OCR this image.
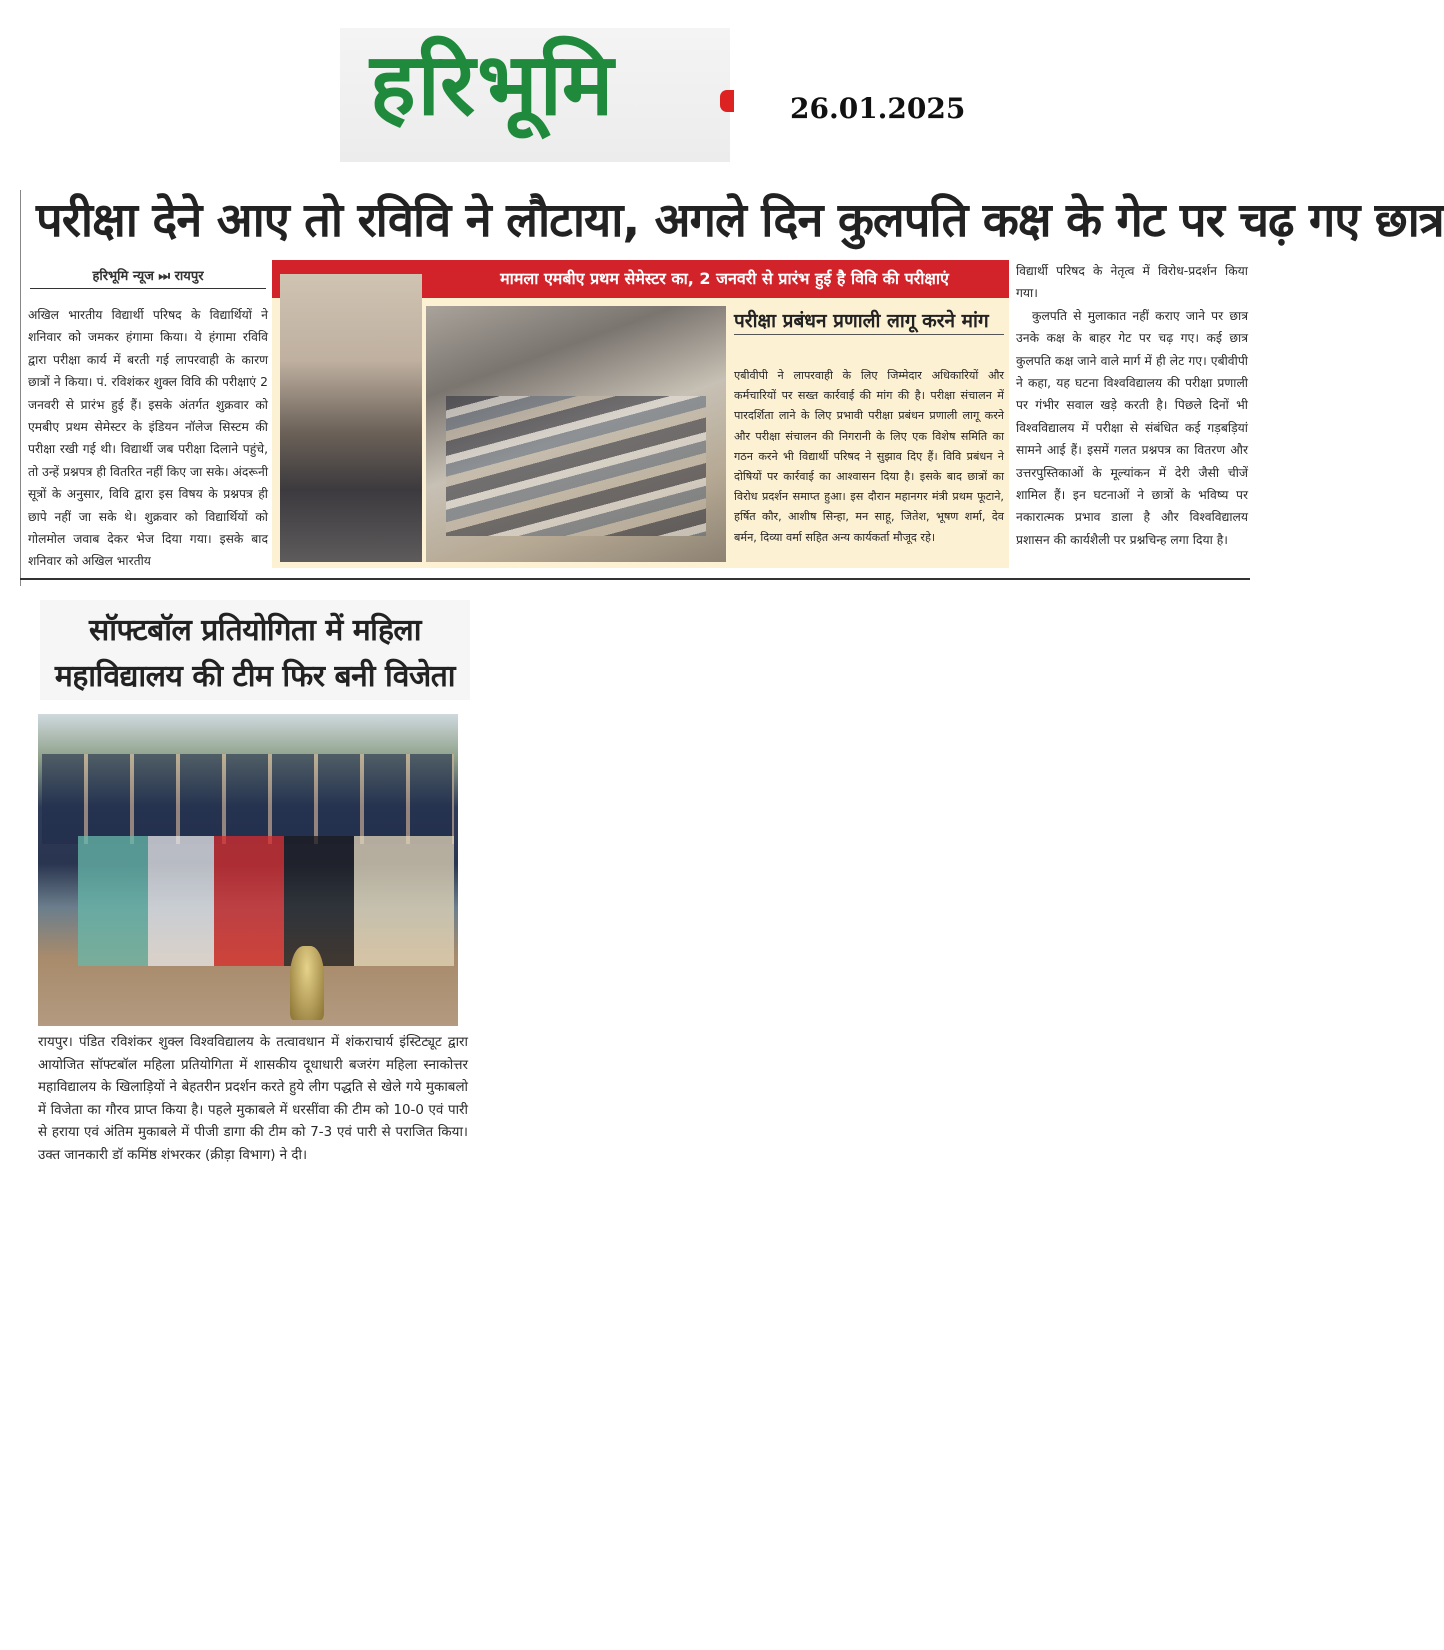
हरिभूमि	26.01.2025
परीक्षा देने आए तो रविवि ने लौटाया, अगले दिन कुलपति कक्ष के गेट पर चढ़ गए छात्र
हरिभूमि न्यूज ⏭ रायपुर

अखिल भारतीय विद्यार्थी परिषद के विद्यार्थियों ने शनिवार को जमकर हंगामा किया। ये हंगामा रविवि द्वारा परीक्षा कार्य में बरती गई लापरवाही के कारण छात्रों ने किया। पं. रविशंकर शुक्ल विवि की परीक्षाएं 2 जनवरी से प्रारंभ हुई हैं। इसके अंतर्गत शुक्रवार को एमबीए प्रथम सेमेस्टर के इंडियन नॉलेज सिस्टम की परीक्षा रखी गई थी। विद्यार्थी जब परीक्षा दिलाने पहुंचे, तो उन्हें प्रश्नपत्र ही वितरित नहीं किए जा सके। अंदरूनी सूत्रों के अनुसार, विवि द्वारा इस विषय के प्रश्नपत्र ही छापे नहीं जा सके थे। शुक्रवार को विद्यार्थियों को गोलमोल जवाब देकर भेज दिया गया। इसके बाद शनिवार को अखिल भारतीय

मामला एमबीए प्रथम सेमेस्टर का, 2 जनवरी से प्रारंभ हुई है विवि की परीक्षाएं
परीक्षा प्रबंधन प्रणाली लागू करने मांग
एबीवीपी ने लापरवाही के लिए जिम्मेदार अधिकारियों और कर्मचारियों पर सख्त कार्रवाई की मांग की है। परीक्षा संचालन में पारदर्शिता लाने के लिए प्रभावी परीक्षा प्रबंधन प्रणाली लागू करने और परीक्षा संचालन की निगरानी के लिए एक विशेष समिति का गठन करने भी विद्यार्थी परिषद ने सुझाव दिए हैं। विवि प्रबंधन ने दोषियों पर कार्रवाई का आश्वासन दिया है। इसके बाद छात्रों का विरोध प्रदर्शन समाप्त हुआ। इस दौरान महानगर मंत्री प्रथम फूटाने, हर्षित कौर, आशीष सिन्हा, मन साहू, जितेश, भूषण शर्मा, देव बर्मन, दिव्या वर्मा सहित अन्य कार्यकर्ता मौजूद रहे।

विद्यार्थी परिषद के नेतृत्व में विरोध-प्रदर्शन किया गया।

कुलपति से मुलाकात नहीं कराए जाने पर छात्र उनके कक्ष के बाहर गेट पर चढ़ गए। कई छात्र कुलपति कक्ष जाने वाले मार्ग में ही लेट गए। एबीवीपी ने कहा, यह घटना विश्वविद्यालय की परीक्षा प्रणाली पर गंभीर सवाल खड़े करती है। पिछले दिनों भी विश्वविद्यालय में परीक्षा से संबंधित कई गड़बड़ियां सामने आई हैं। इसमें गलत प्रश्नपत्र का वितरण और उत्तरपुस्तिकाओं के मूल्यांकन में देरी जैसी चीजें शामिल हैं। इन घटनाओं ने छात्रों के भविष्य पर नकारात्मक प्रभाव डाला है और विश्वविद्यालय प्रशासन की कार्यशैली पर प्रश्नचिन्ह लगा दिया है।

सॉफ्टबॉल प्रतियोगिता में महिला
महाविद्यालय की टीम फिर बनी विजेता
रायपुर। पंडित रविशंकर शुक्ल विश्वविद्यालय के तत्वावधान में शंकराचार्य इंस्टिट्यूट द्वारा आयोजित सॉफ्टबॉल महिला प्रतियोगिता में शासकीय दूधाधारी बजरंग महिला स्नाकोत्तर महाविद्यालय के खिलाड़ियों ने बेहतरीन प्रदर्शन करते हुये लीग पद्धति से खेले गये मुकाबलो में विजेता का गौरव प्राप्त किया है। पहले मुकाबले में धरसींवा की टीम को 10-0 एवं पारी से हराया एवं अंतिम मुकाबले में पीजी डागा की टीम को 7-3 एवं पारी से पराजित किया। उक्त जानकारी डॉ कमिंष्ठ शंभरकर (क्रीड़ा विभाग) ने दी।
